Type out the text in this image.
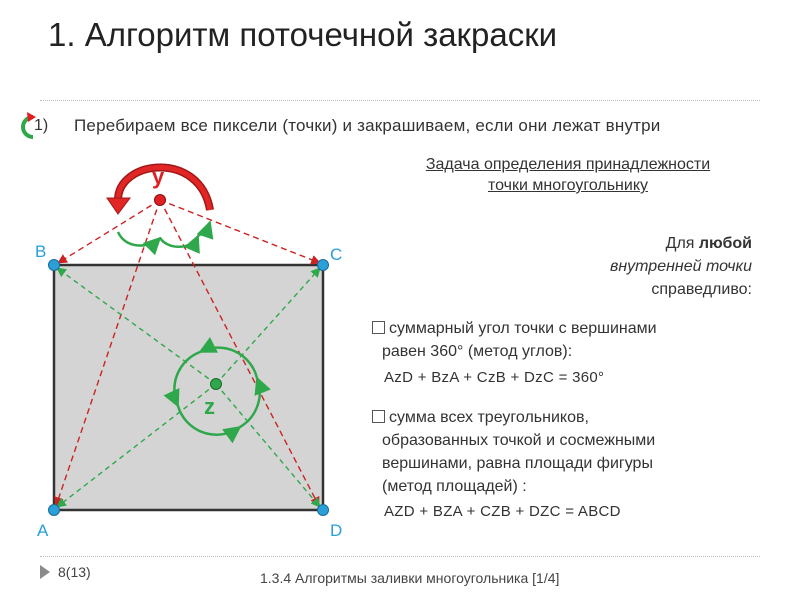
1. Алгоритм поточечной закраски
1) Перебираем все пиксели (точки) и закрашиваем, если они лежат внутри
Задача определения принадлежности
точки многоугольнику
Для любой
внутренней точки
справедливо:
суммарный угол точки с вершинами
равен 360° (метод углов):
AzD + BzA + CzB + DzC = 360°
сумма всех треугольников,
образованных точкой и сосмежными
вершинами, равна площади фигуры
(метод площадей) :
AZD + BZA + CZB + DZC = ABCD
y
z
B	C
A	D
8(13)	1.3.4 Алгоритмы заливки многоугольника [1/4]
